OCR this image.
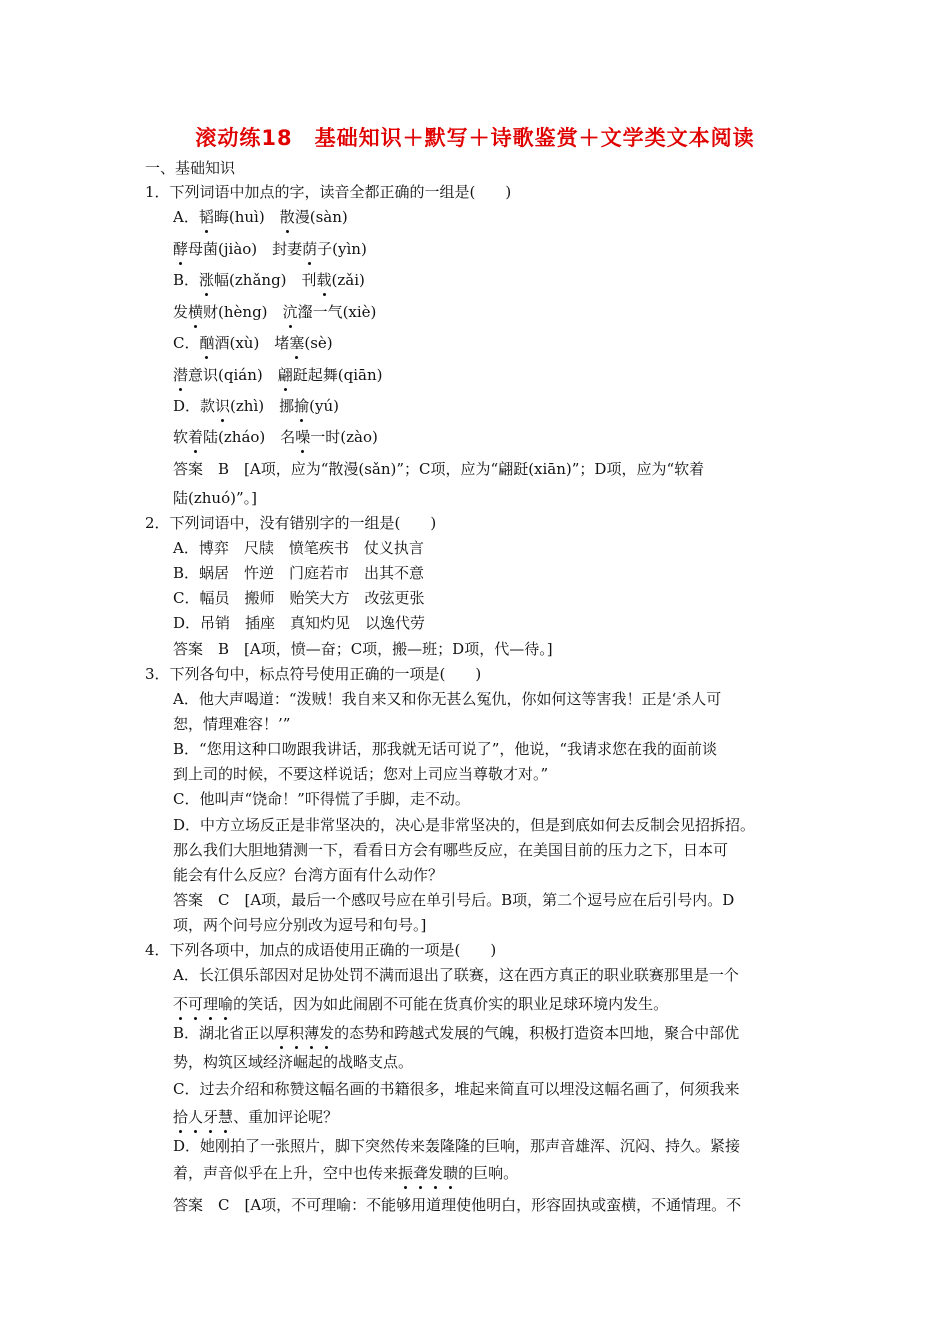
滚动练18　基础知识＋默写＋诗歌鉴赏＋文学类文本阅读
一、基础知识
1．下列词语中加点的字，读音全都正确的一组是(　　)
A．韬晦(huì)　散漫(sàn)
酵母菌(jiào)　封妻荫子(yìn)
B．涨幅(zhǎng)　刊载(zǎi)
发横财(hèng)　沆瀣一气(xiè)
C．酗酒(xù)　堵塞(sè)
潜意识(qián)　翩跹起舞(qiān)
D．款识(zhì)　挪揄(yú)
软着陆(zháo)　名噪一时(zào)
答案　B　[A项，应为“散漫(sǎn)”；C项，应为“翩跹(xiān)”；D项，应为“软着
陆(zhuó)”。]
2．下列词语中，没有错别字的一组是(　　)
A．博弈　尺牍　愤笔疾书　仗义执言
B．蜗居　忤逆　门庭若市　出其不意
C．幅员　搬师　贻笑大方　改弦更张
D．吊销　插座　真知灼见　以逸代劳
答案　B　[A项，愤—奋；C项，搬—班；D项，代—待。]
3．下列各句中，标点符号使用正确的一项是(　　)
A．他大声喝道：“泼贼！我自来又和你无甚么冤仇，你如何这等害我！正是‘杀人可
恕，情理难容！’”
B．“您用这种口吻跟我讲话，那我就无话可说了”，他说，“我请求您在我的面前谈
到上司的时候，不要这样说话；您对上司应当尊敬才对。”
C．他叫声“饶命！”吓得慌了手脚，走不动。
D．中方立场反正是非常坚决的，决心是非常坚决的，但是到底如何去反制会见招拆招。
那么我们大胆地猜测一下，看看日方会有哪些反应，在美国目前的压力之下，日本可
能会有什么反应？台湾方面有什么动作？
答案　C　[A项，最后一个感叹号应在单引号后。B项，第二个逗号应在后引号内。D
项，两个问号应分别改为逗号和句号。]
4．下列各项中，加点的成语使用正确的一项是(　　)
A．长江俱乐部因对足协处罚不满而退出了联赛，这在西方真正的职业联赛那里是一个
不可理喻的笑话，因为如此闹剧不可能在货真价实的职业足球环境内发生。
B．湖北省正以厚积薄发的态势和跨越式发展的气魄，积极打造资本凹地，聚合中部优
势，构筑区域经济崛起的战略支点。
C．过去介绍和称赞这幅名画的书籍很多，堆起来简直可以埋没这幅名画了，何须我来
拾人牙慧、重加评论呢？
D．她刚拍了一张照片，脚下突然传来轰隆隆的巨响，那声音雄浑、沉闷、持久。紧接
着，声音似乎在上升，空中也传来振聋发聩的巨响。
答案　C　[A项，不可理喻：不能够用道理使他明白，形容固执或蛮横，不通情理。不
